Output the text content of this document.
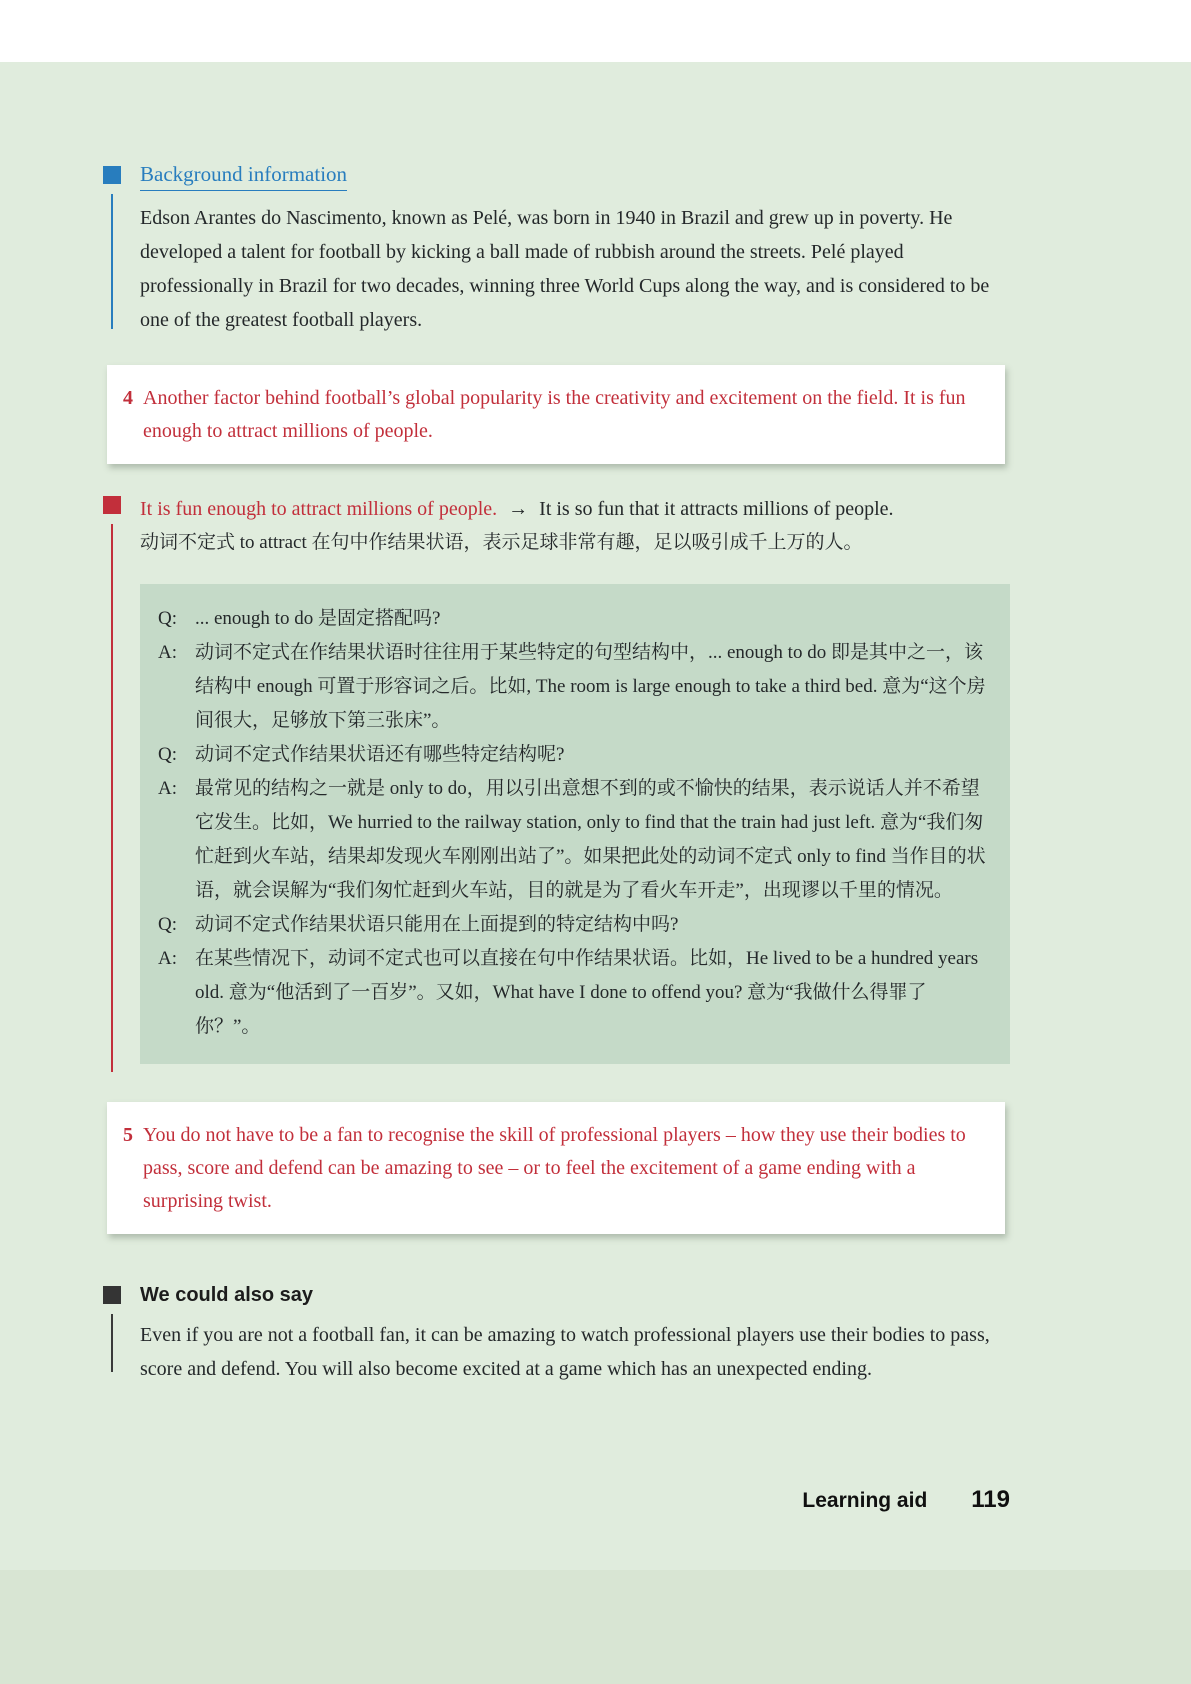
Background information

Edson Arantes do Nascimento, known as Pelé, was born in 1940 in Brazil and grew up in poverty. He developed a talent for football by kicking a ball made of rubbish around the streets. Pelé played professionally in Brazil for two decades, winning three World Cups along the way, and is considered to be one of the greatest football players.

4 Another factor behind football’s global popularity is the creativity and excitement on the field. It is fun enough to attract millions of people.

It is fun enough to attract millions of people. → It is so fun that it attracts millions of people.

动词不定式 to attract 在句中作结果状语，表示足球非常有趣，足以吸引成千上万的人。

Q: ... enough to do 是固定搭配吗?

A: 动词不定式在作结果状语时往往用于某些特定的句型结构中，... enough to do 即是其中之一，该结构中 enough 可置于形容词之后。比如, The room is large enough to take a third bed. 意为“这个房间很大，足够放下第三张床”。

Q: 动词不定式作结果状语还有哪些特定结构呢?

A: 最常见的结构之一就是 only to do，用以引出意想不到的或不愉快的结果，表示说话人并不希望它发生。比如，We hurried to the railway station, only to find that the train had just left. 意为“我们匆忙赶到火车站，结果却发现火车刚刚出站了”。如果把此处的动词不定式 only to find 当作目的状语，就会误解为“我们匆忙赶到火车站，目的就是为了看火车开走”，出现谬以千里的情况。

Q: 动词不定式作结果状语只能用在上面提到的特定结构中吗?

A: 在某些情况下，动词不定式也可以直接在句中作结果状语。比如，He lived to be a hundred years old. 意为“他活到了一百岁”。又如，What have I done to offend you? 意为“我做什么得罪了你？”。

5 You do not have to be a fan to recognise the skill of professional players – how they use their bodies to pass, score and defend can be amazing to see – or to feel the excitement of a game ending with a surprising twist.

We could also say

Even if you are not a football fan, it can be amazing to watch professional players use their bodies to pass, score and defend. You will also become excited at a game which has an unexpected ending.

Learning aid 119
